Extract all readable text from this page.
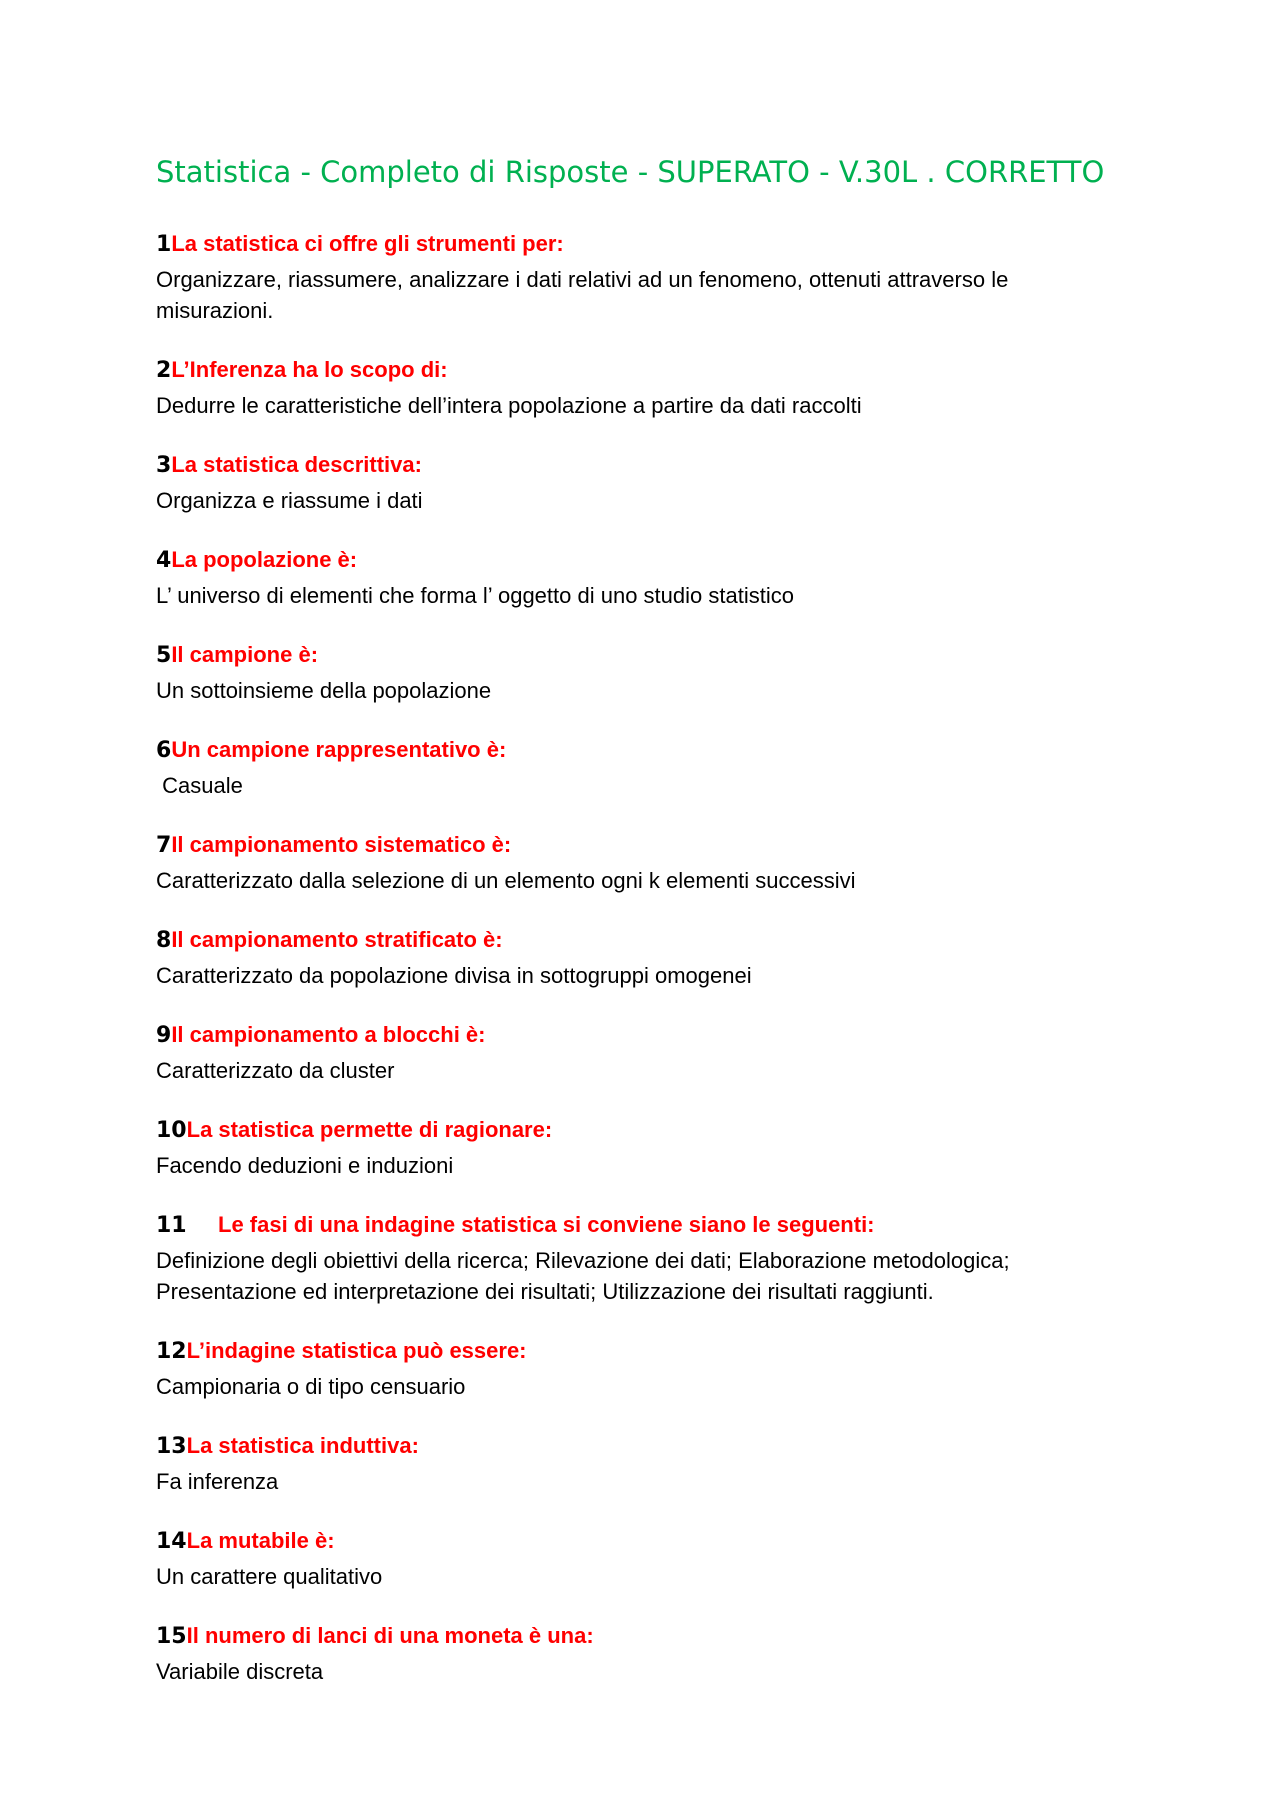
Statistica - Completo di Risposte - SUPERATO - V.30L . CORRETTO
1La statistica ci offre gli strumenti per:
Organizzare, riassumere, analizzare i dati relativi ad un fenomeno, ottenuti attraverso le
misurazioni.
2L’Inferenza ha lo scopo di:
Dedurre le caratteristiche dell’intera popolazione a partire da dati raccolti
3La statistica descrittiva:
Organizza e riassume i dati
4La popolazione è:
L’ universo di elementi che forma l’ oggetto di uno studio statistico
5Il campione è:
Un sottoinsieme della popolazione
6Un campione rappresentativo è:
Casuale
7Il campionamento sistematico è:
Caratterizzato dalla selezione di un elemento ogni k elementi successivi
8Il campionamento stratificato è:
Caratterizzato da popolazione divisa in sottogruppi omogenei
9Il campionamento a blocchi è:
Caratterizzato da cluster
10La statistica permette di ragionare:
Facendo deduzioni e induzioni
11 Le fasi di una indagine statistica si conviene siano le seguenti:
Definizione degli obiettivi della ricerca; Rilevazione dei dati; Elaborazione metodologica;
Presentazione ed interpretazione dei risultati; Utilizzazione dei risultati raggiunti.
12L’indagine statistica può essere:
Campionaria o di tipo censuario
13La statistica induttiva:
Fa inferenza
14La mutabile è:
Un carattere qualitativo
15Il numero di lanci di una moneta è una:
Variabile discreta
